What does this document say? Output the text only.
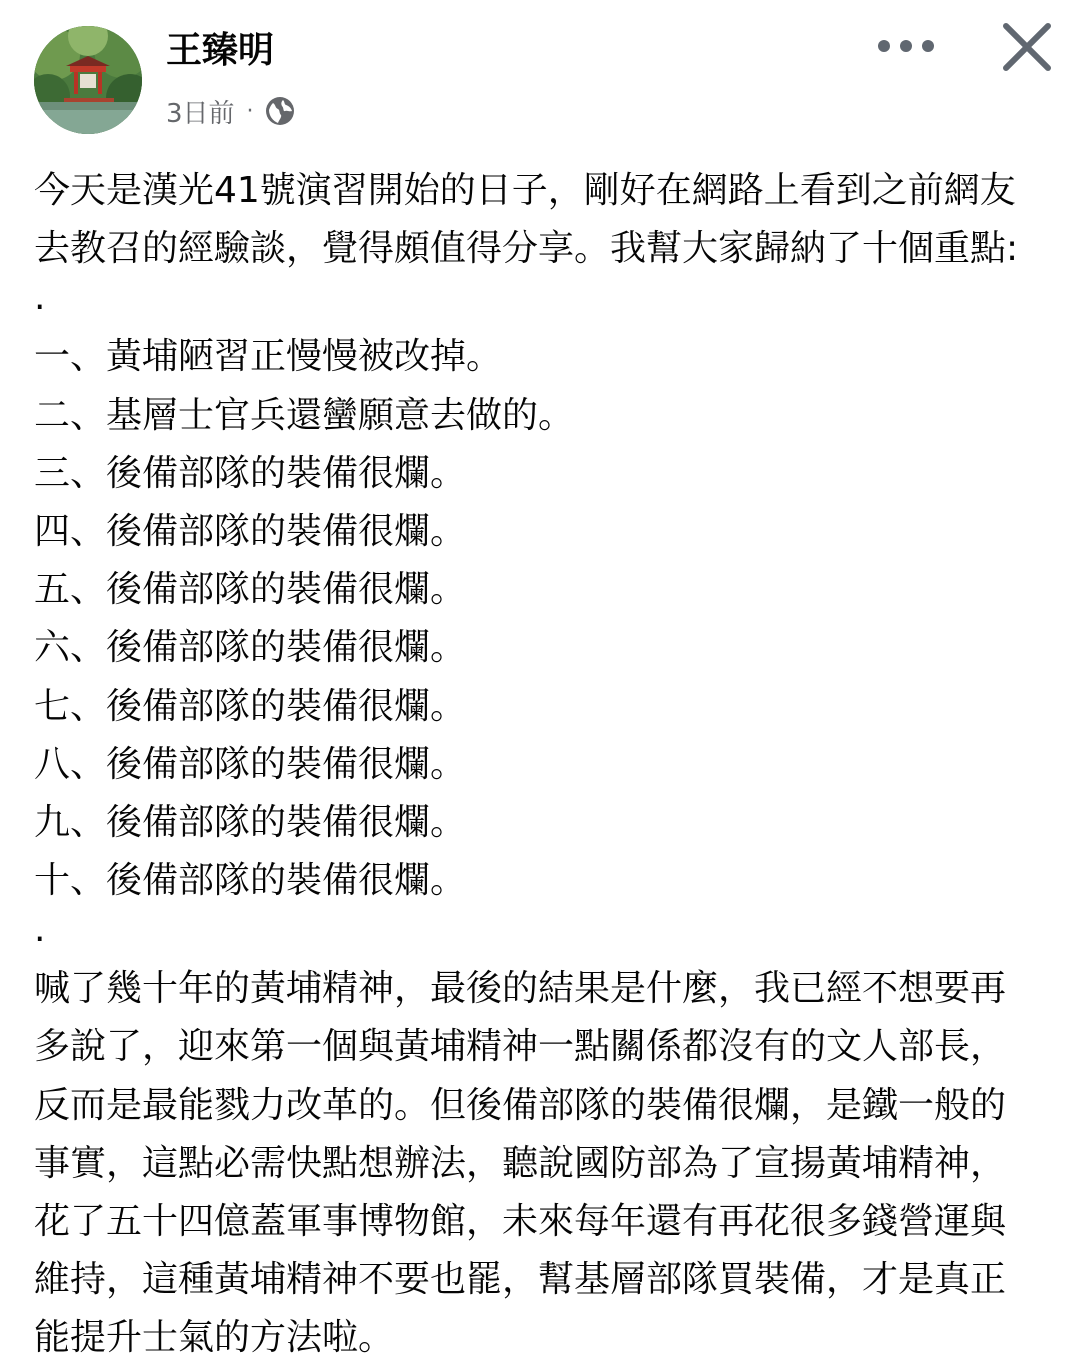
王臻明
3日前 ·
今天是漢光41號演習開始的日子，剛好在網路上看到之前網友
去教召的經驗談，覺得頗值得分享。我幫大家歸納了十個重點:
.
一、黃埔陋習正慢慢被改掉。
二、基層士官兵還蠻願意去做的。
三、後備部隊的裝備很爛。
四、後備部隊的裝備很爛。
五、後備部隊的裝備很爛。
六、後備部隊的裝備很爛。
七、後備部隊的裝備很爛。
八、後備部隊的裝備很爛。
九、後備部隊的裝備很爛。
十、後備部隊的裝備很爛。
.
喊了幾十年的黃埔精神，最後的結果是什麼，我已經不想要再
多說了，迎來第一個與黃埔精神一點關係都沒有的文人部長，
反而是最能戮力改革的。但後備部隊的裝備很爛，是鐵一般的
事實，這點必需快點想辦法，聽說國防部為了宣揚黃埔精神，
花了五十四億蓋軍事博物館，未來每年還有再花很多錢營運與
維持，這種黃埔精神不要也罷，幫基層部隊買裝備，才是真正
能提升士氣的方法啦。
